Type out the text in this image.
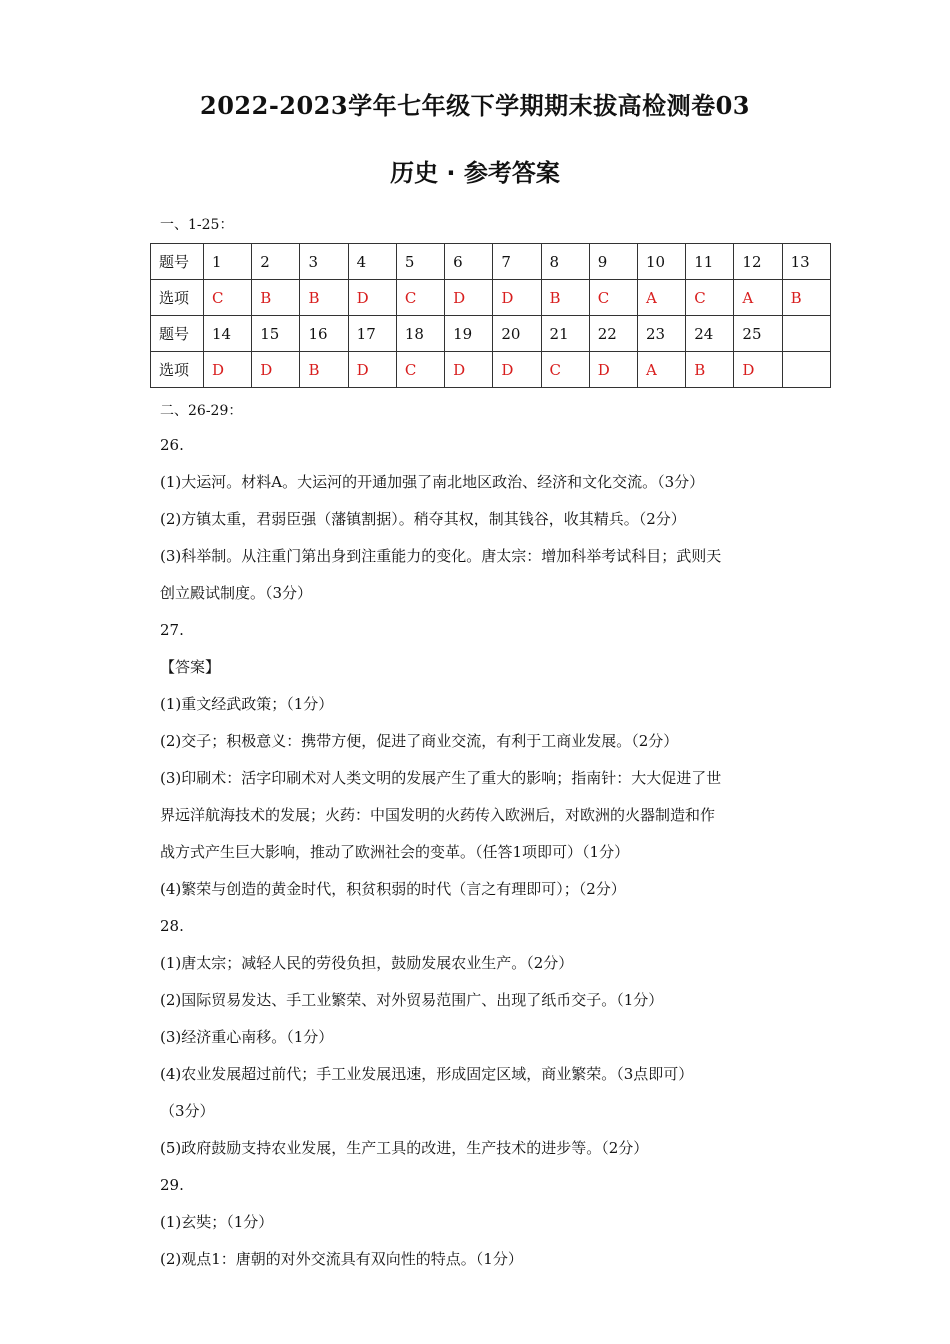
2022-2023学年七年级下学期期末拔高检测卷03
历史 · 参考答案
一、1-25：
题号	1	2	3	4	5	6	7	8	9	10	11	12	13
选项	C	B	B	D	C	D	D	B	C	A	C	A	B
题号	14	15	16	17	18	19	20	21	22	23	24	25	
选项	D	D	B	D	C	D	D	C	D	A	B	D	
二、26-29：
26.
(1)大运河。材料A。大运河的开通加强了南北地区政治、经济和文化交流。（3分）
(2)方镇太重，君弱臣强（藩镇割据）。稍夺其权，制其钱谷，收其精兵。（2分）
(3)科举制。从注重门第出身到注重能力的变化。唐太宗：增加科举考试科目；武则天
创立殿试制度。（3分）
27.
【答案】
(1)重文经武政策；（1分）
(2)交子；积极意义：携带方便，促进了商业交流，有利于工商业发展。（2分）
(3)印刷术：活字印刷术对人类文明的发展产生了重大的影响；指南针：大大促进了世
界远洋航海技术的发展；火药：中国发明的火药传入欧洲后，对欧洲的火器制造和作
战方式产生巨大影响，推动了欧洲社会的变革。（任答1项即可）（1分）
(4)繁荣与创造的黄金时代，积贫积弱的时代（言之有理即可）；（2分）
28.
(1)唐太宗；减轻人民的劳役负担，鼓励发展农业生产。（2分）
(2)国际贸易发达、手工业繁荣、对外贸易范围广、出现了纸币交子。（1分）
(3)经济重心南移。（1分）
(4)农业发展超过前代；手工业发展迅速，形成固定区域，商业繁荣。（3点即可）
（3分）
(5)政府鼓励支持农业发展，生产工具的改进，生产技术的进步等。（2分）
29.
(1)玄奘；（1分）
(2)观点1：唐朝的对外交流具有双向性的特点。（1分）
